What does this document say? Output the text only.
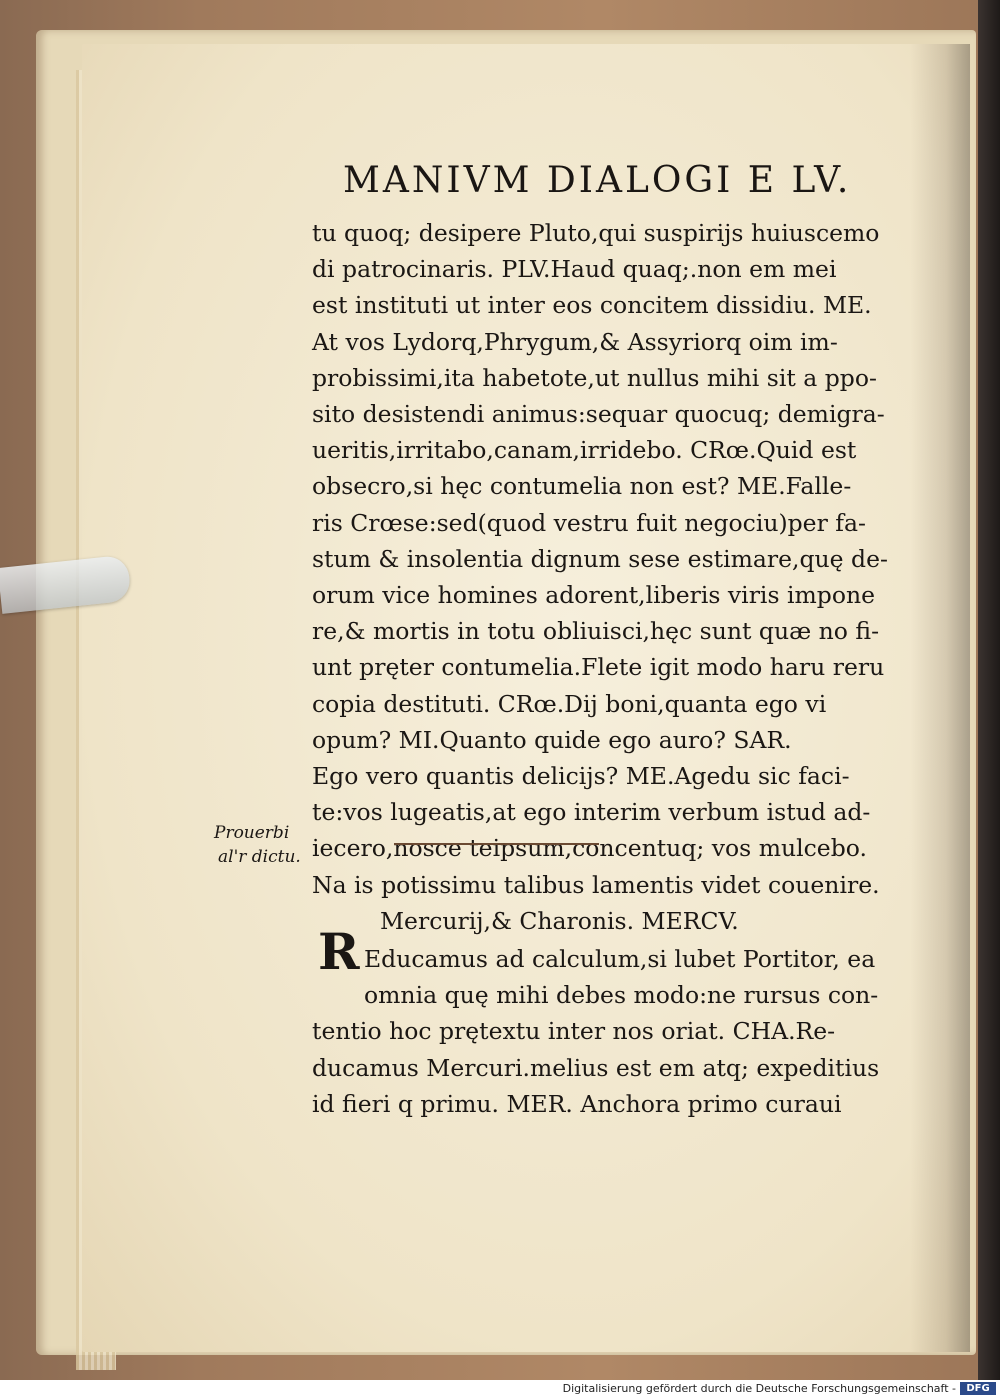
MANIVM DIALOGI E LV.
tu quoq; desipere Pluto,qui suspirijs huiuscemo
di patrocinaris. PLV.Haud quaq;.non em mei
est instituti ut inter eos concitem dissidiu. ME.
At vos Lydorq,Phrygum,& Assyriorq oim im-
probissimi,ita habetote,ut nullus mihi sit a ppo-
sito desistendi animus:sequar quocuq; demigra-
ueritis,irritabo,canam,irridebo. CRœ.Quid est
obsecro,si hęc contumelia non est? ME.Falle-
ris Crœse:sed(quod vestru fuit negociu)per fa-
stum & insolentia dignum sese estimare,quę de-
orum vice homines adorent,liberis viris impone
re,& mortis in totu obliuisci,hęc sunt quæ no fi-
unt pręter contumelia.Flete igit modo haru reru
copia destituti. CRœ.Dij boni,quanta ego vi
opum? MI.Quanto quide ego auro? SAR.
Ego vero quantis delicijs? ME.Agedu sic faci-
te:vos lugeatis,at ego interim verbum istud ad-
iecero,nosce teipsum,concentuq; vos mulcebo.
Na is potissimu talibus lamentis videt couenire.
Mercurij,& Charonis. MERCV.
Educamus ad calculum,si lubet Portitor, ea
omnia quę mihi debes modo:ne rursus con-
tentio hoc prętextu inter nos oriat. CHA.Re-
ducamus Mercuri.melius est em atq; expeditius
id fieri q primu. MER. Anchora primo curaui
R
Prouerbi
al'r dictu.
Digitalisierung gefördert durch die Deutsche Forschungsgemeinschaft -	DFG
